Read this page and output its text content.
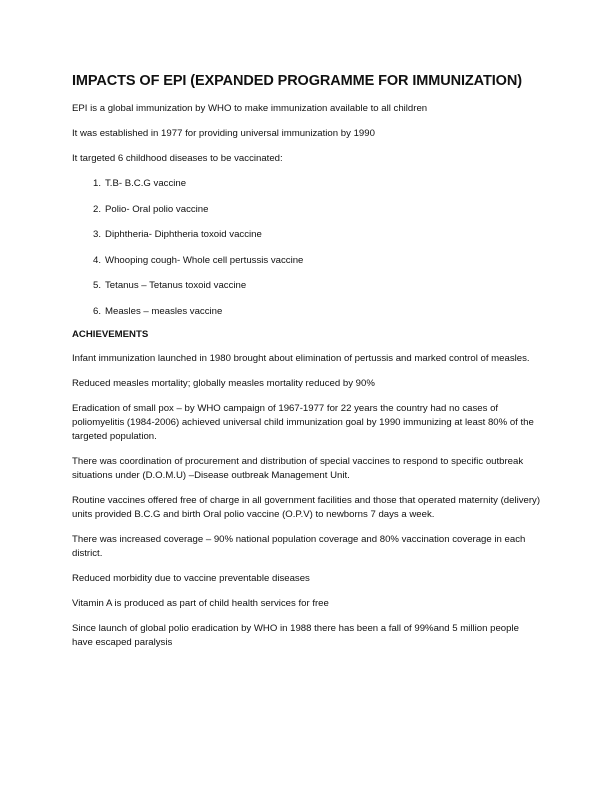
IMPACTS OF EPI (EXPANDED PROGRAMME FOR IMMUNIZATION)

EPI is a global immunization by WHO to make immunization available to all children

It was established in 1977 for providing universal immunization by 1990

It targeted 6 childhood diseases to be vaccinated:

1. T.B- B.C.G vaccine
2. Polio- Oral polio vaccine
3. Diphtheria- Diphtheria toxoid vaccine
4. Whooping cough- Whole cell pertussis vaccine
5. Tetanus – Tetanus toxoid vaccine
6. Measles – measles vaccine
ACHIEVEMENTS

Infant immunization launched in 1980 brought about elimination of pertussis and marked control of measles.

Reduced measles mortality; globally measles mortality reduced by 90%

Eradication of small pox – by WHO campaign of 1967-1977 for 22 years the country had no cases of poliomyelitis (1984-2006) achieved universal child immunization goal by 1990 immunizing at least 80% of the targeted population.

There was coordination of procurement and distribution of special vaccines to respond to specific outbreak situations under (D.O.M.U) –Disease outbreak Management Unit.

Routine vaccines offered free of charge in all government facilities and those that operated maternity (delivery) units provided B.C.G and birth Oral polio vaccine (O.P.V) to newborns 7 days a week.

There was increased coverage – 90% national population coverage and 80% vaccination coverage in each district.

Reduced morbidity due to vaccine preventable diseases

Vitamin A is produced as part of child health services for free

Since launch of global polio eradication by WHO in 1988 there has been a fall of 99%and 5 million people have escaped paralysis
